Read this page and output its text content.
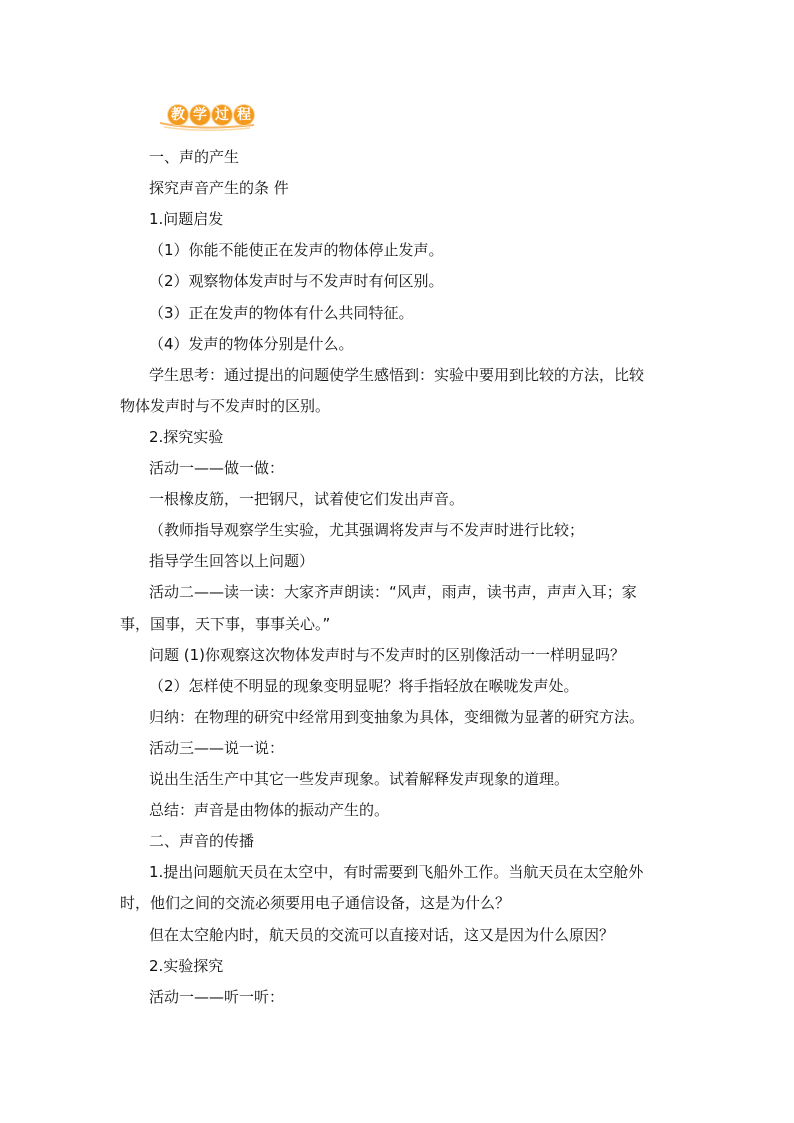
教 学 过 程
一、声的产生
探究声音产生的条 件
1.问题启发
（1）你能不能使正在发声的物体停止发声。
（2）观察物体发声时与不发声时有何区别。
（3）正在发声的物体有什么共同特征。
（4）发声的物体分别是什么。
学生思考：通过提出的问题使学生感悟到：实验中要用到比较的方法，比较
物体发声时与不发声时的区别。
2.探究实验
活动一——做一做：
一根橡皮筋，一把钢尺，试着使它们发出声音。
（教师指导观察学生实验，尤其强调将发声与不发声时进行比较；
指导学生回答以上问题）
活动二——读一读：大家齐声朗读：“风声，雨声，读书声，声声入耳；家
事，国事，天下事，事事关心。”
问题 (1)你观察这次物体发声时与不发声时的区别像活动一一样明显吗？
（2）怎样使不明显的现象变明显呢？将手指轻放在喉咙发声处。
归纳：在物理的研究中经常用到变抽象为具体，变细微为显著的研究方法。
活动三——说一说：
说出生活生产中其它一些发声现象。试着解释发声现象的道理。
总结：声音是由物体的振动产生的。
二、声音的传播
1.提出问题航天员在太空中，有时需要到飞船外工作。当航天员在太空舱外
时，他们之间的交流必须要用电子通信设备，这是为什么？
但在太空舱内时，航天员的交流可以直接对话，这又是因为什么原因？
2.实验探究
活动一——听一听：
